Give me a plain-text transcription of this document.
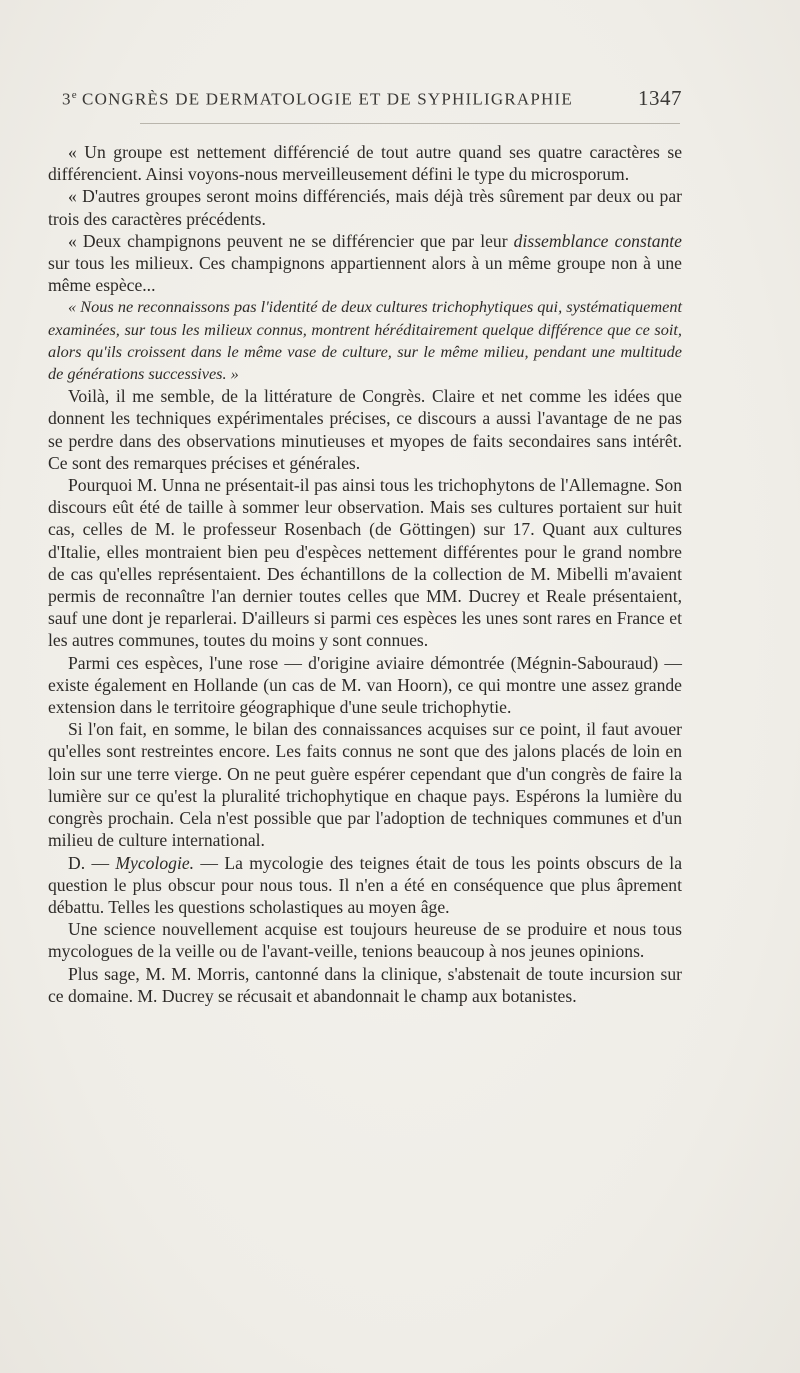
3e CONGRÈS DE DERMATOLOGIE ET DE SYPHILIGRAPHIE	1347

« Un groupe est nettement différencié de tout autre quand ses quatre caractères se différencient. Ainsi voyons-nous merveilleusement défini le type du microsporum.

« D'autres groupes seront moins différenciés, mais déjà très sûrement par deux ou par trois des caractères précédents.

« Deux champignons peuvent ne se différencier que par leur dissemblance constante sur tous les milieux. Ces champignons appartiennent alors à un même groupe non à une même espèce...

« Nous ne reconnaissons pas l'identité de deux cultures trichophytiques qui, systématiquement examinées, sur tous les milieux connus, montrent héréditairement quelque différence que ce soit, alors qu'ils croissent dans le même vase de culture, sur le même milieu, pendant une multitude de générations successives. »

Voilà, il me semble, de la littérature de Congrès. Claire et net comme les idées que donnent les techniques expérimentales précises, ce discours a aussi l'avantage de ne pas se perdre dans des observations minutieuses et myopes de faits secondaires sans intérêt. Ce sont des remarques précises et générales.

Pourquoi M. Unna ne présentait-il pas ainsi tous les trichophytons de l'Allemagne. Son discours eût été de taille à sommer leur observation. Mais ses cultures portaient sur huit cas, celles de M. le professeur Rosenbach (de Göttingen) sur 17. Quant aux cultures d'Italie, elles montraient bien peu d'espèces nettement différentes pour le grand nombre de cas qu'elles représentaient. Des échantillons de la collection de M. Mibelli m'avaient permis de reconnaître l'an dernier toutes celles que MM. Ducrey et Reale présentaient, sauf une dont je reparlerai. D'ailleurs si parmi ces espèces les unes sont rares en France et les autres communes, toutes du moins y sont connues.

Parmi ces espèces, l'une rose — d'origine aviaire démontrée (Mégnin-Sabouraud) — existe également en Hollande (un cas de M. van Hoorn), ce qui montre une assez grande extension dans le territoire géographique d'une seule trichophytie.

Si l'on fait, en somme, le bilan des connaissances acquises sur ce point, il faut avouer qu'elles sont restreintes encore. Les faits connus ne sont que des jalons placés de loin en loin sur une terre vierge. On ne peut guère espérer cependant que d'un congrès de faire la lumière sur ce qu'est la pluralité trichophytique en chaque pays. Espérons la lumière du congrès prochain. Cela n'est possible que par l'adoption de techniques communes et d'un milieu de culture international.

D. — Mycologie. — La mycologie des teignes était de tous les points obscurs de la question le plus obscur pour nous tous. Il n'en a été en conséquence que plus âprement débattu. Telles les questions scholastiques au moyen âge.

Une science nouvellement acquise est toujours heureuse de se produire et nous tous mycologues de la veille ou de l'avant-veille, tenions beaucoup à nos jeunes opinions.

Plus sage, M. M. Morris, cantonné dans la clinique, s'abstenait de toute incursion sur ce domaine. M. Ducrey se récusait et abandonnait le champ aux botanistes.
